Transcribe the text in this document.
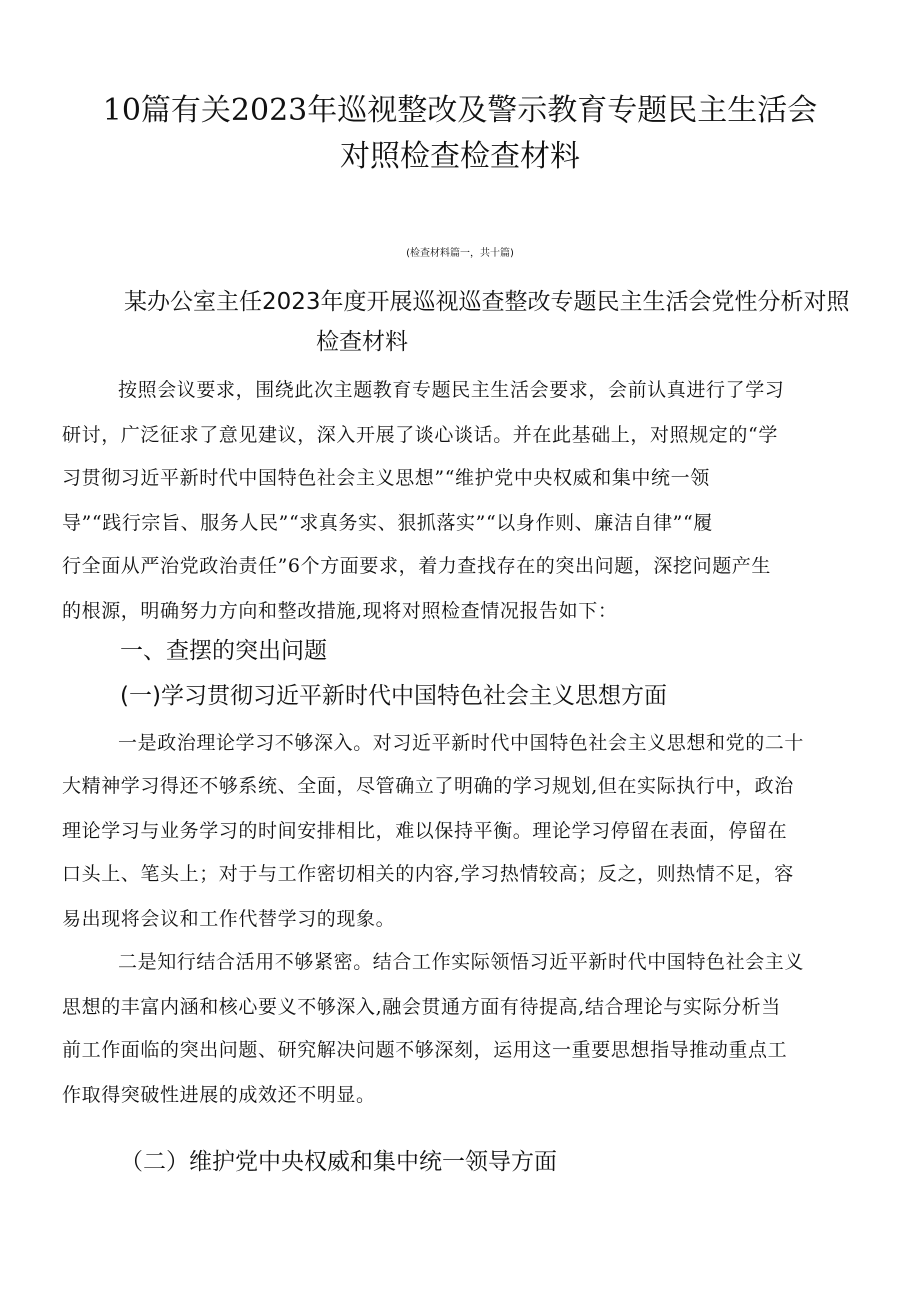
10篇有关2023年巡视整改及警示教育专题民主生活会
对照检查检查材料
(检查材料篇一，共十篇)
某办公室主任2023年度开展巡视巡查整改专题民主生活会党性分析对照
检查材料
按照会议要求，围绕此次主题教育专题民主生活会要求，会前认真进行了学习
研讨，广泛征求了意见建议，深入开展了谈心谈话。并在此基础上，对照规定的“学
习贯彻习近平新时代中国特色社会主义思想”“维护党中央权威和集中统一领
导”“践行宗旨、服务人民”“求真务实、狠抓落实”“以身作则、廉洁自律”“履
行全面从严治党政治责任”6个方面要求，着力查找存在的突出问题，深挖问题产生
的根源，明确努力方向和整改措施,现将对照检查情况报告如下：
一、查摆的突出问题
(一)学习贯彻习近平新时代中国特色社会主义思想方面
一是政治理论学习不够深入。对习近平新时代中国特色社会主义思想和党的二十
大精神学习得还不够系统、全面，尽管确立了明确的学习规划,但在实际执行中，政治
理论学习与业务学习的时间安排相比，难以保持平衡。理论学习停留在表面，停留在
口头上、笔头上；对于与工作密切相关的内容,学习热情较高；反之，则热情不足，容
易出现将会议和工作代替学习的现象。
二是知行结合活用不够紧密。结合工作实际领悟习近平新时代中国特色社会主义
思想的丰富内涵和核心要义不够深入,融会贯通方面有待提高,结合理论与实际分析当
前工作面临的突出问题、研究解决问题不够深刻，运用这一重要思想指导推动重点工
作取得突破性进展的成效还不明显。
（二）维护党中央权威和集中统一领导方面
